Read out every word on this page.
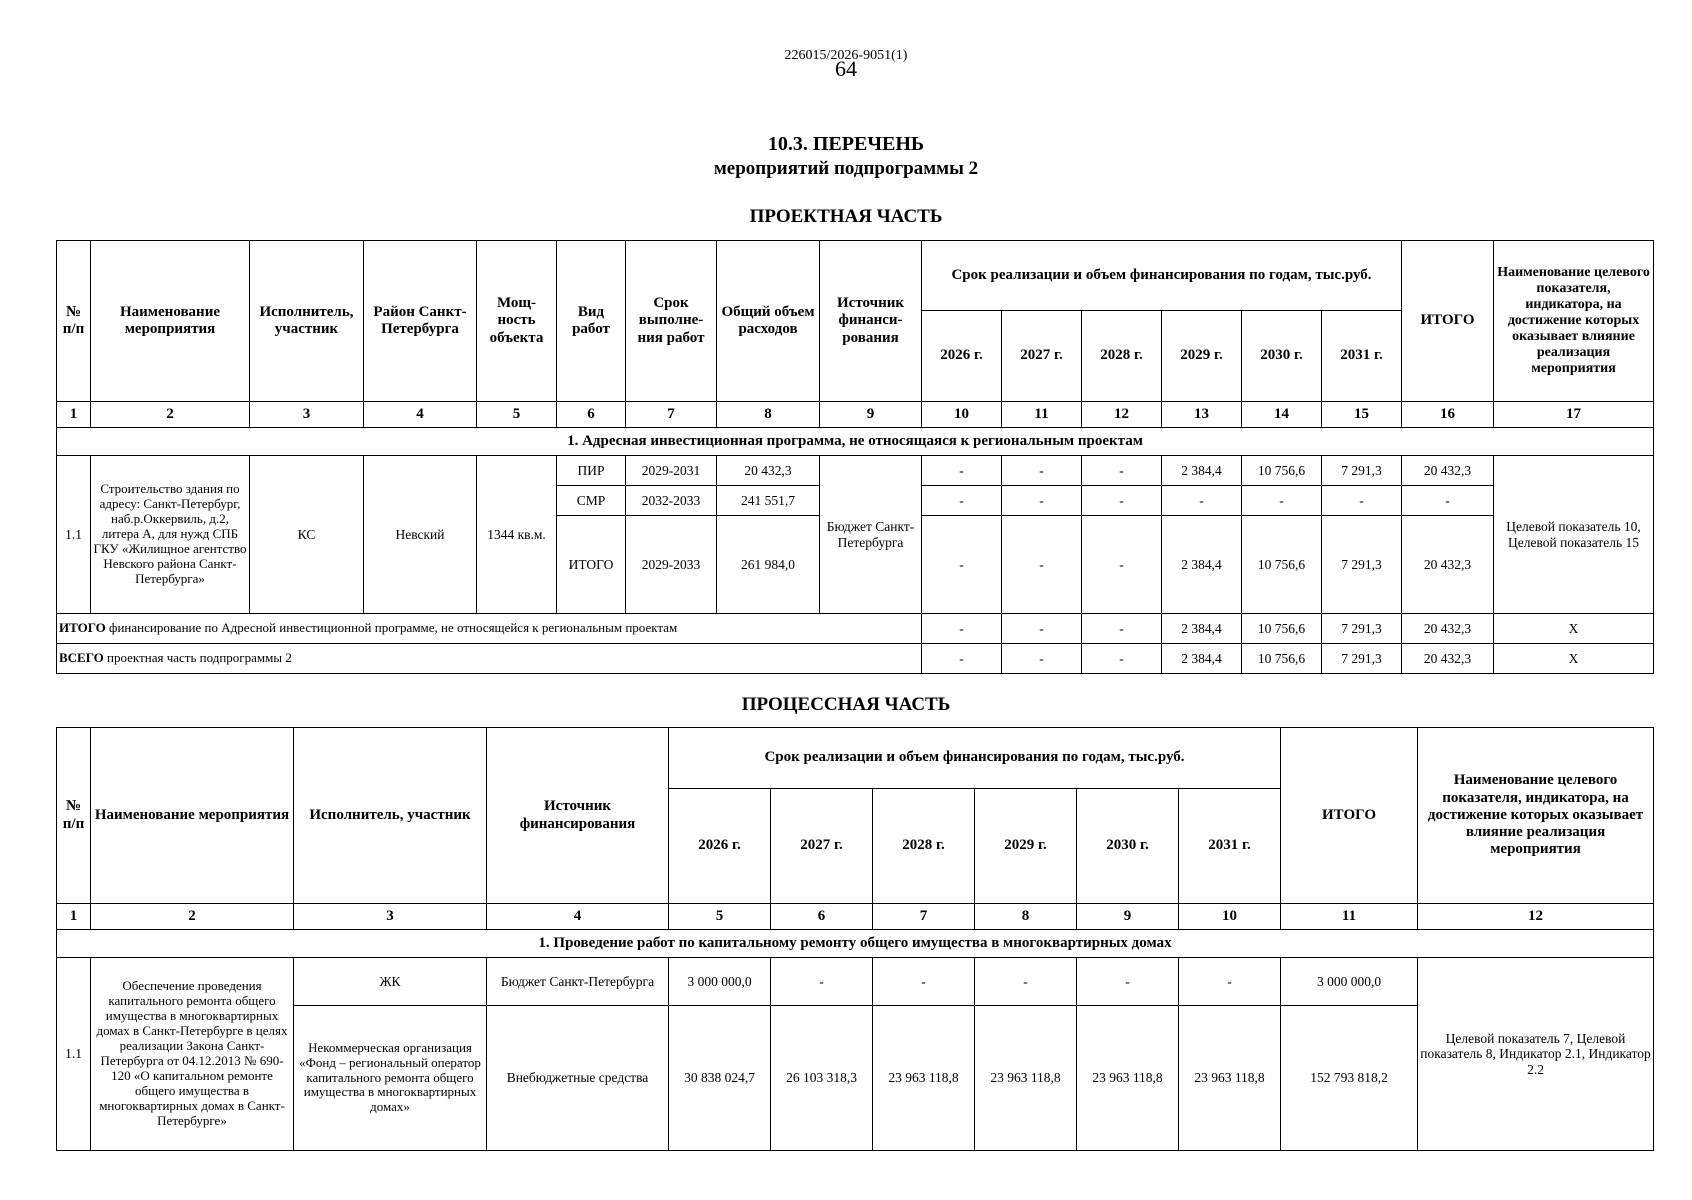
226015/2026-9051(1)
64
10.3. ПЕРЕЧЕНЬ
мероприятий подпрограммы 2
ПРОЕКТНАЯ ЧАСТЬ
№ п/п	Наименование мероприятия	Исполнитель, участник	Район Санкт-Петербурга	Мощ-ность объекта	Вид работ	Срок выполне-ния работ	Общий объем расходов	Источник финанси-рования	Срок реализации и объем финансирования по годам, тыс.руб.						ИТОГО	Наименование целевого показателя, индикатора, на достижение которых оказывает влияние реализация мероприятия
									2026 г.	2027 г.	2028 г.	2029 г.	2030 г.	2031 г.		
1	2	3	4	5	6	7	8	9	10	11	12	13	14	15	16	17
1. Адресная инвестиционная программа, не относящаяся к региональным проектам																
1.1	Строительство здания по адресу: Санкт-Петербург, наб.р.Оккервиль, д.2, литера А, для нужд СПБ ГКУ «Жилищное агентство Невского района Санкт-Петербурга»	КС	Невский	1344 кв.м.	ПИР	2029-2031	20 432,3	Бюджет Санкт-Петербурга	-	-	-	2 384,4	10 756,6	7 291,3	20 432,3	Целевой показатель 10, Целевой показатель 15
					СМР	2032-2033	241 551,7		-	-	-	-	-	-	-	
					ИТОГО	2029-2033	261 984,0		-	-	-	2 384,4	10 756,6	7 291,3	20 432,3	
ИТОГО финансирование по Адресной инвестиционной программе, не относящейся к региональным проектам									-	-	-	2 384,4	10 756,6	7 291,3	20 432,3	Х
ВСЕГО проектная часть подпрограммы 2									-	-	-	2 384,4	10 756,6	7 291,3	20 432,3	Х
ПРОЦЕССНАЯ ЧАСТЬ
№ п/п	Наименование мероприятия	Исполнитель, участник	Источник финансирования	Срок реализации и объем финансирования по годам, тыс.руб.						ИТОГО	Наименование целевого показателя, индикатора, на достижение которых оказывает влияние реализация мероприятия
				2026 г.	2027 г.	2028 г.	2029 г.	2030 г.	2031 г.		
1	2	3	4	5	6	7	8	9	10	11	12
1. Проведение работ по капитальному ремонту общего имущества в многоквартирных домах											
1.1	Обеспечение проведения капитального ремонта общего имущества в многоквартирных домах в Санкт-Петербурге в целях реализации Закона Санкт-Петербурга от 04.12.2013 № 690-120 «О капитальном ремонте общего имущества в многоквартирных домах в Санкт-Петербурге»	ЖК	Бюджет Санкт-Петербурга	3 000 000,0	-	-	-	-	-	3 000 000,0	Целевой показатель 7, Целевой показатель 8, Индикатор 2.1, Индикатор 2.2
		Некоммерческая организация «Фонд – региональный оператор капитального ремонта общего имущества в многоквартирных домах»	Внебюджетные средства	30 838 024,7	26 103 318,3	23 963 118,8	23 963 118,8	23 963 118,8	23 963 118,8	152 793 818,2	
